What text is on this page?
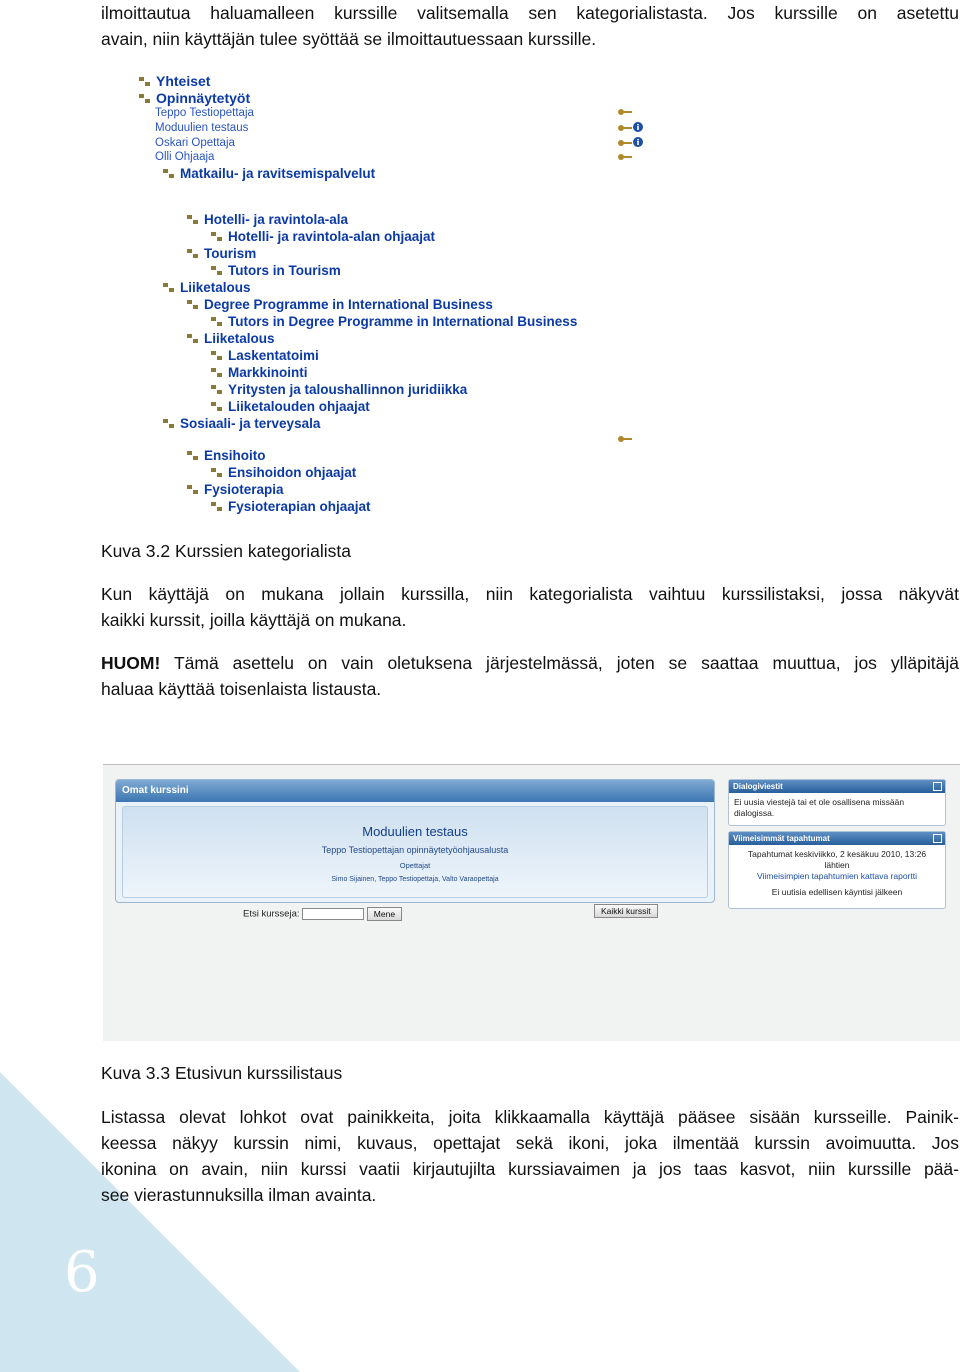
6

ilmoittautua haluamalleen kurssille valitsemalla sen kategorialistasta. Jos kurssille on asetettu

avain, niin käyttäjän tulee syöttää se ilmoittautuessaan kurssille.

Yhteiset
Opinnäytetyöt
Teppo Testiopettaja
Moduulien testaus
Oskari Opettaja
Olli Ohjaaja
Matkailu- ja ravitsemispalvelut
Hotelli- ja ravintola-ala
Hotelli- ja ravintola-alan ohjaajat
Tourism
Tutors in Tourism
Liiketalous
Degree Programme in International Business
Tutors in Degree Programme in International Business
Liiketalous
Laskentatoimi
Markkinointi
Yritysten ja taloushallinnon juridiikka
Liiketalouden ohjaajat
Sosiaali- ja terveysala
Ensihoito
Ensihoidon ohjaajat
Fysioterapia
Fysioterapian ohjaajat

Kuva 3.2 Kurssien kategorialista

Kun käyttäjä on mukana jollain kurssilla, niin kategorialista vaihtuu kurssilistaksi, jossa näkyvät

kaikki kurssit, joilla käyttäjä on mukana.

HUOM! Tämä asettelu on vain oletuksena järjestelmässä, joten se saattaa muuttua, jos ylläpitäjä

haluaa käyttää toisenlaista listausta.

Omat kurssini
Moduulien testaus
Teppo Testiopettajan opinnäytetyöohjausalusta
Opettajat
Simo Sijainen, Teppo Testiopettaja, Valto Varaopettaja
Etsi kursseja:	Mene	Kaikki kurssit
Dialogiviestit
Ei uusia viestejä tai et ole osallisena missään dialogissa.
Viimeisimmät tapahtumat
Tapahtumat keskiviikko, 2 kesäkuu 2010, 13:26
lähtien
Viimeisimpien tapahtumien kattava raportti
Ei uutisia edellisen käyntisi jälkeen

Kuva 3.3 Etusivun kurssilistaus

Listassa olevat lohkot ovat painikkeita, joita klikkaamalla käyttäjä pääsee sisään kursseille. Painik-

keessa näkyy kurssin nimi, kuvaus, opettajat sekä ikoni, joka ilmentää kurssin avoimuutta. Jos

ikonina on avain, niin kurssi vaatii kirjautujilta kurssiavaimen ja jos taas kasvot, niin kurssille pää-

see vierastunnuksilla ilman avainta.
